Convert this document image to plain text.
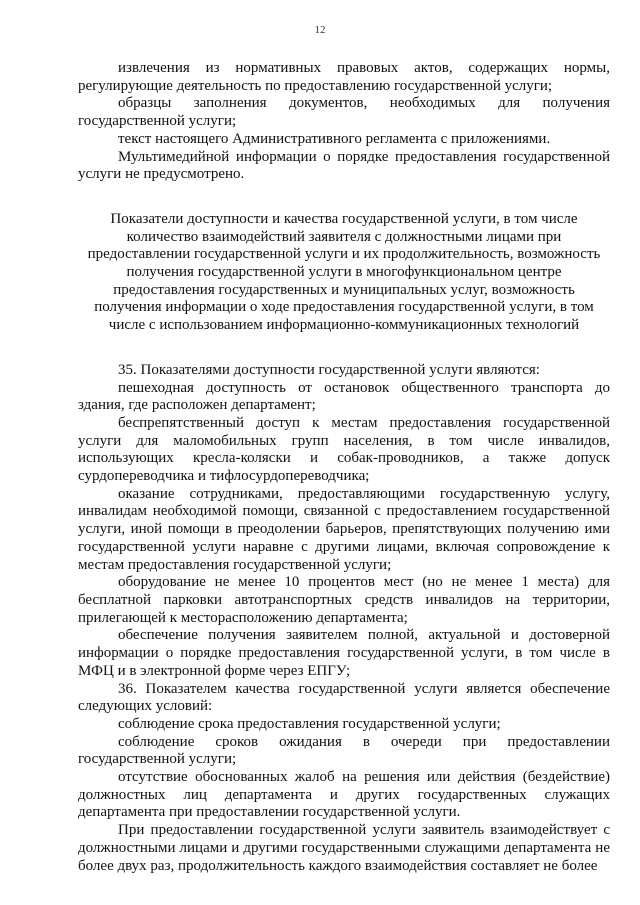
12

извлечения из нормативных правовых актов, содержащих нормы, регулирующие деятельность по предоставлению государственной услуги;

образцы заполнения документов, необходимых для получения государственной услуги;

текст настоящего Административного регламента с приложениями.

Мультимедийной информации о порядке предоставления государственной услуги не предусмотрено.

Показатели доступности и качества государственной услуги, в том числе количество взаимодействий заявителя с должностными лицами при предоставлении государственной услуги и их продолжительность, возможность получения государственной услуги в многофункциональном центре предоставления государственных и муниципальных услуг, возможность получения информации о ходе предоставления государственной услуги, в том числе с использованием информационно-коммуникационных технологий

35. Показателями доступности государственной услуги являются:

пешеходная доступность от остановок общественного транспорта до здания, где расположен департамент;

беспрепятственный доступ к местам предоставления государственной услуги для маломобильных групп населения, в том числе инвалидов, использующих кресла-коляски и собак-проводников, а также допуск сурдопереводчика и тифлосурдопереводчика;

оказание сотрудниками, предоставляющими государственную услугу, инвалидам необходимой помощи, связанной с предоставлением государственной услуги, иной помощи в преодолении барьеров, препятствующих получению ими государственной услуги наравне с другими лицами, включая сопровождение к местам предоставления государственной услуги;

оборудование не менее 10 процентов мест (но не менее 1 места) для бесплатной парковки автотранспортных средств инвалидов на территории, прилегающей к месторасположению департамента;

обеспечение получения заявителем полной, актуальной и достоверной информации о порядке предоставления государственной услуги, в том числе в МФЦ и в электронной форме через ЕПГУ;

36. Показателем качества государственной услуги является обеспечение следующих условий:

соблюдение срока предоставления государственной услуги;

соблюдение сроков ожидания в очереди при предоставлении государственной услуги;

отсутствие обоснованных жалоб на решения или действия (бездействие) должностных лиц департамента и других государственных служащих департамента при предоставлении государственной услуги.

При предоставлении государственной услуги заявитель взаимодействует с должностными лицами и другими государственными служащими департамента не более двух раз, продолжительность каждого взаимодействия составляет не более
